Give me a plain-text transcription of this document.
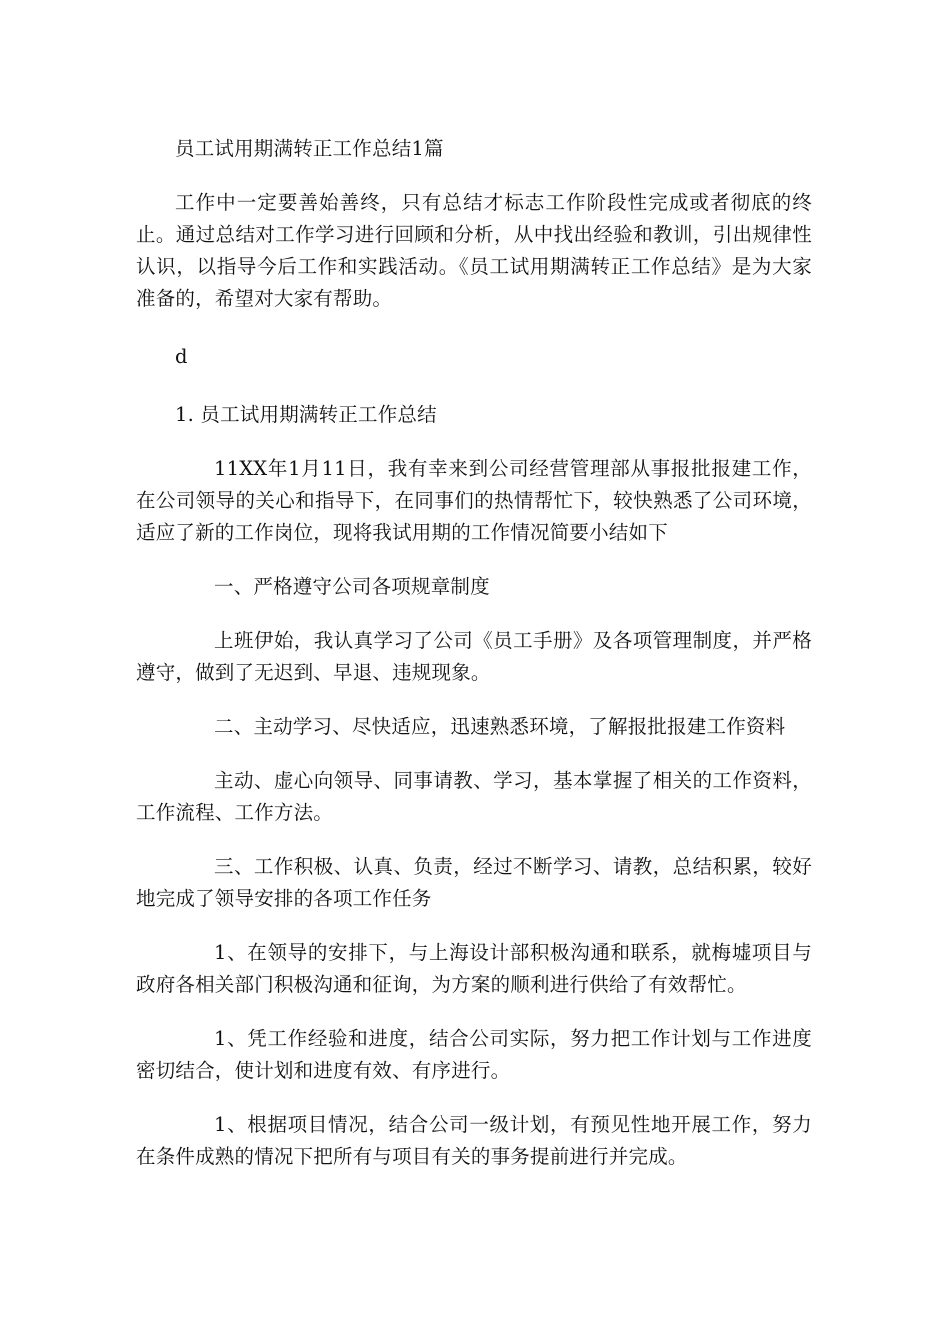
员工试用期满转正工作总结1篇

工作中一定要善始善终，只有总结才标志工作阶段性完成或者彻底的终止。通过总结对工作学习进行回顾和分析，从中找出经验和教训，引出规律性认识，以指导今后工作和实践活动。《员工试用期满转正工作总结》是为大家准备的，希望对大家有帮助。

d

1. 员工试用期满转正工作总结

11XX年1月11日，我有幸来到公司经营管理部从事报批报建工作，在公司领导的关心和指导下，在同事们的热情帮忙下，较快熟悉了公司环境，适应了新的工作岗位，现将我试用期的工作情况简要小结如下

一、严格遵守公司各项规章制度

上班伊始，我认真学习了公司《员工手册》及各项管理制度，并严格遵守，做到了无迟到、早退、违规现象。

二、主动学习、尽快适应，迅速熟悉环境，了解报批报建工作资料

主动、虚心向领导、同事请教、学习，基本掌握了相关的工作资料，工作流程、工作方法。

三、工作积极、认真、负责，经过不断学习、请教，总结积累，较好地完成了领导安排的各项工作任务

1、在领导的安排下，与上海设计部积极沟通和联系，就梅墟项目与政府各相关部门积极沟通和征询，为方案的顺利进行供给了有效帮忙。

1、凭工作经验和进度，结合公司实际，努力把工作计划与工作进度密切结合，使计划和进度有效、有序进行。

1、根据项目情况，结合公司一级计划，有预见性地开展工作，努力在条件成熟的情况下把所有与项目有关的事务提前进行并完成。
